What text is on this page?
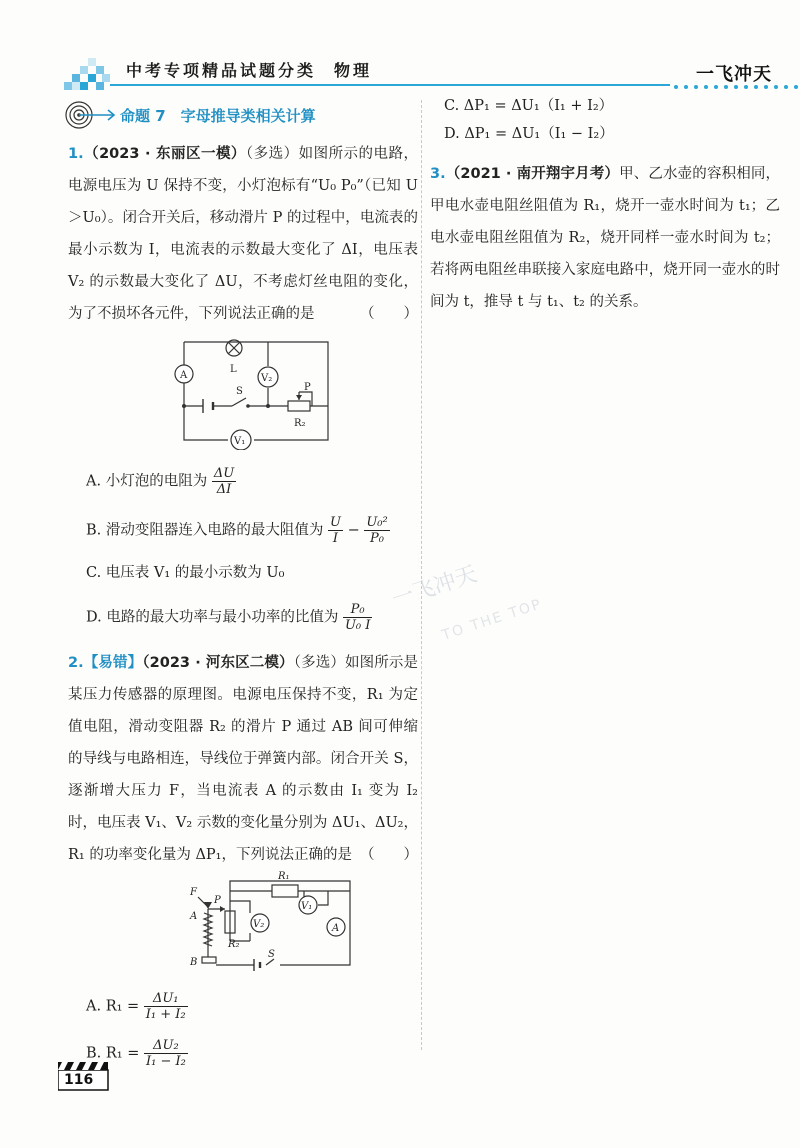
中考专项精品试题分类 物理	一飞冲天
命题 7　字母推导类相关计算
1.（2023 · 东丽区一模）（多选）如图所示的电路，电源电压为 U 保持不变，小灯泡标有“U₀ P₀”（已知 U＞U₀）。闭合开关后，移动滑片 P 的过程中，电流表的最小示数为 I，电流表的示数最大变化了 ΔI，电压表 V₂ 的示数最大变化了 ΔU，不考虑灯丝电阻的变化，为了不损坏各元件，下列说法正确的是	（　　）
A
L
V₂
S	P
R₂
V₁
A. 小灯泡的电阻为 $\frac{\Delta U}{\Delta I}$
B. 滑动变阻器连入电路的最大阻值为 $\frac{U}{I} - \frac{\text{U₀²}}{\text{P₀}}$
C. 电压表 V₁ 的最小示数为 U₀
D. 电路的最大功率与最小功率的比值为 $\frac{\text{P₀}}{\text{U₀ I}}$
2.【易错】（2023 · 河东区二模）（多选）如图所示是某压力传感器的原理图。电源电压保持不变，R₁ 为定值电阻，滑动变阻器 R₂ 的滑片 P 通过 AB 间可伸缩的导线与电路相连，导线位于弹簧内部。闭合开关 S，逐渐增大压力 F，当电流表 A 的示数由 I₁ 变为 I₂ 时，电压表 V₁、V₂ 示数的变化量分别为 ΔU₁、ΔU₂，R₁ 的功率变化量为 ΔP₁，下列说法正确的是 （　　）
R₁
F
P
A
V₂
V₁
A
R₂
B
S
A. $R_1 = \frac{\text{ΔU₁}}{\text{I₁ + I₂}}$
B. $R_1 = \frac{\text{ΔU₂}}{\text{I₁ − I₂}}$
C. ΔP₁ = ΔU₁（I₁ + I₂）
D. ΔP₁ = ΔU₁（I₁ − I₂）
3.（2021 · 南开翔宇月考）甲、乙水壶的容积相同，甲电水壶电阻丝阻值为 R₁，烧开一壶水时间为 t₁；乙电水壶电阻丝阻值为 R₂，烧开同样一壶水时间为 t₂；若将两电阻丝串联接入家庭电路中，烧开同一壶水的时间为 t，推导 t 与 t₁、t₂ 的关系。
一飞冲天
TO THE TOP
116
